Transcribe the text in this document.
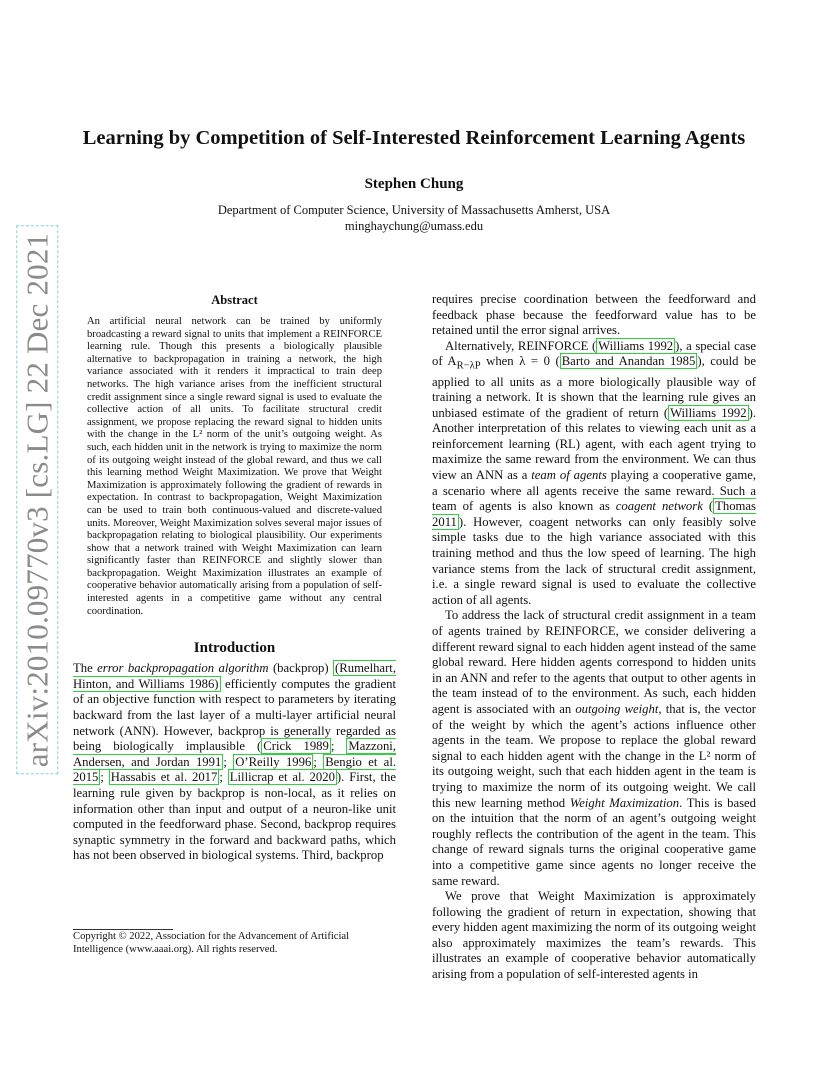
arXiv:2010.09770v3 [cs.LG] 22 Dec 2021
Learning by Competition of Self-Interested Reinforcement Learning Agents
Stephen Chung
Department of Computer Science, University of Massachusetts Amherst, USA
minghaychung@umass.edu
Abstract

An artificial neural network can be trained by uniformly broadcasting a reward signal to units that implement a REINFORCE learning rule. Though this presents a biologically plausible alternative to backpropagation in training a network, the high variance associated with it renders it impractical to train deep networks. The high variance arises from the inefficient structural credit assignment since a single reward signal is used to evaluate the collective action of all units. To facilitate structural credit assignment, we propose replacing the reward signal to hidden units with the change in the L² norm of the unit’s outgoing weight. As such, each hidden unit in the network is trying to maximize the norm of its outgoing weight instead of the global reward, and thus we call this learning method Weight Maximization. We prove that Weight Maximization is approximately following the gradient of rewards in expectation. In contrast to backpropagation, Weight Maximization can be used to train both continuous-valued and discrete-valued units. Moreover, Weight Maximization solves several major issues of backpropagation relating to biological plausibility. Our experiments show that a network trained with Weight Maximization can learn significantly faster than REINFORCE and slightly slower than backpropagation. Weight Maximization illustrates an example of cooperative behavior automatically arising from a population of self-interested agents in a competitive game without any central coordination.

Introduction

The error backpropagation algorithm (backprop) (Rumelhart, Hinton, and Williams 1986) efficiently computes the gradient of an objective function with respect to parameters by iterating backward from the last layer of a multi-layer artificial neural network (ANN). However, backprop is generally regarded as being biologically implausible ( Crick 1989 ; Mazzoni, Andersen, and Jordan 1991 ; O’Reilly 1996 ; Bengio et al. 2015 ; Hassabis et al. 2017 ; Lillicrap et al. 2020 ). First, the learning rule given by backprop is non-local, as it relies on information other than input and output of a neuron-like unit computed in the feedforward phase. Second, backprop requires synaptic symmetry in the forward and backward paths, which has not been observed in biological systems. Third, backprop

Copyright © 2022, Association for the Advancement of Artificial Intelligence (www.aaai.org). All rights reserved.

requires precise coordination between the feedforward and feedback phase because the feedforward value has to be retained until the error signal arrives.

Alternatively, REINFORCE ( Williams 1992 ), a special case of $A_{R-\lambda P}$ when λ = 0 ( Barto and Anandan 1985 ), could be applied to all units as a more biologically plausible way of training a network. It is shown that the learning rule gives an unbiased estimate of the gradient of return ( Williams 1992 ). Another interpretation of this relates to viewing each unit as a reinforcement learning (RL) agent, with each agent trying to maximize the same reward from the environment. We can thus view an ANN as a team of agents playing a cooperative game, a scenario where all agents receive the same reward. Such a team of agents is also known as coagent network ( Thomas 2011 ). However, coagent networks can only feasibly solve simple tasks due to the high variance associated with this training method and thus the low speed of learning. The high variance stems from the lack of structural credit assignment, i.e. a single reward signal is used to evaluate the collective action of all agents.

To address the lack of structural credit assignment in a team of agents trained by REINFORCE, we consider delivering a different reward signal to each hidden agent instead of the same global reward. Here hidden agents correspond to hidden units in an ANN and refer to the agents that output to other agents in the team instead of to the environment. As such, each hidden agent is associated with an outgoing weight, that is, the vector of the weight by which the agent’s actions influence other agents in the team. We propose to replace the global reward signal to each hidden agent with the change in the L² norm of its outgoing weight, such that each hidden agent in the team is trying to maximize the norm of its outgoing weight. We call this new learning method Weight Maximization. This is based on the intuition that the norm of an agent’s outgoing weight roughly reflects the contribution of the agent in the team. This change of reward signals turns the original cooperative game into a competitive game since agents no longer receive the same reward.

We prove that Weight Maximization is approximately following the gradient of return in expectation, showing that every hidden agent maximizing the norm of its outgoing weight also approximately maximizes the team’s rewards. This illustrates an example of cooperative behavior automatically arising from a population of self-interested agents in
